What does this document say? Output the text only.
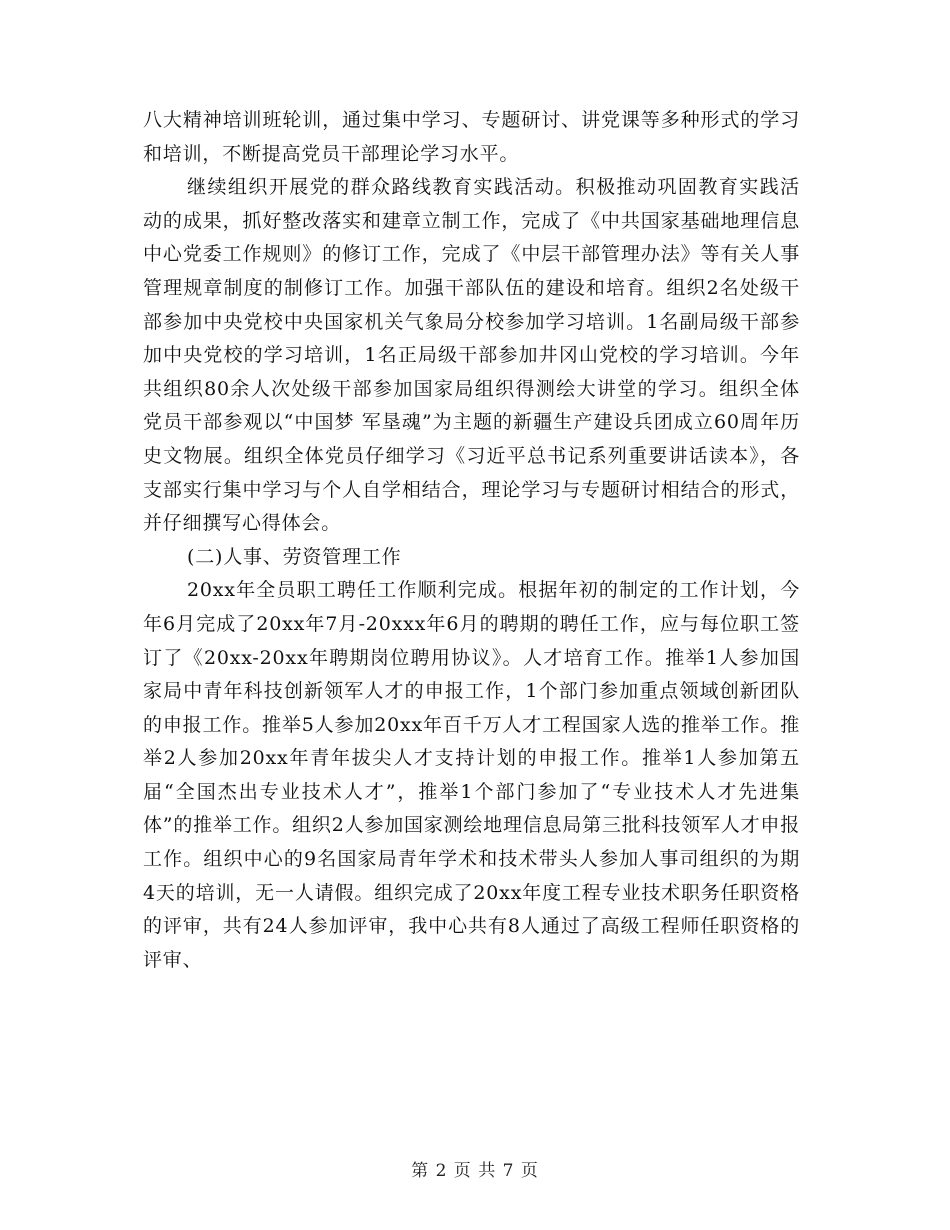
八大精神培训班轮训，通过集中学习、专题研讨、讲党课等多种形式的学习和培训，不断提高党员干部理论学习水平。

继续组织开展党的群众路线教育实践活动。积极推动巩固教育实践活动的成果，抓好整改落实和建章立制工作，完成了《中共国家基础地理信息中心党委工作规则》的修订工作，完成了《中层干部管理办法》等有关人事管理规章制度的制修订工作。加强干部队伍的建设和培育。组织2名处级干部参加中央党校中央国家机关气象局分校参加学习培训。1名副局级干部参加中央党校的学习培训，1名正局级干部参加井冈山党校的学习培训。今年共组织80余人次处级干部参加国家局组织得测绘大讲堂的学习。组织全体党员干部参观以“中国梦 军垦魂”为主题的新疆生产建设兵团成立60周年历史文物展。组织全体党员仔细学习《习近平总书记系列重要讲话读本》，各支部实行集中学习与个人自学相结合，理论学习与专题研讨相结合的形式，并仔细撰写心得体会。

(二)人事、劳资管理工作

20xx年全员职工聘任工作顺利完成。根据年初的制定的工作计划，今年6月完成了20xx年7月-20xxx年6月的聘期的聘任工作，应与每位职工签订了《20xx-20xx年聘期岗位聘用协议》。人才培育工作。推举1人参加国家局中青年科技创新领军人才的申报工作，1个部门参加重点领域创新团队的申报工作。推举5人参加20xx年百千万人才工程国家人选的推举工作。推举2人参加20xx年青年拔尖人才支持计划的申报工作。推举1人参加第五届“全国杰出专业技术人才”，推举1个部门参加了“专业技术人才先进集体”的推举工作。组织2人参加国家测绘地理信息局第三批科技领军人才申报工作。组织中心的9名国家局青年学术和技术带头人参加人事司组织的为期4天的培训，无一人请假。组织完成了20xx年度工程专业技术职务任职资格的评审，共有24人参加评审，我中心共有8人通过了高级工程师任职资格的评审、

第 2 页 共 7 页
